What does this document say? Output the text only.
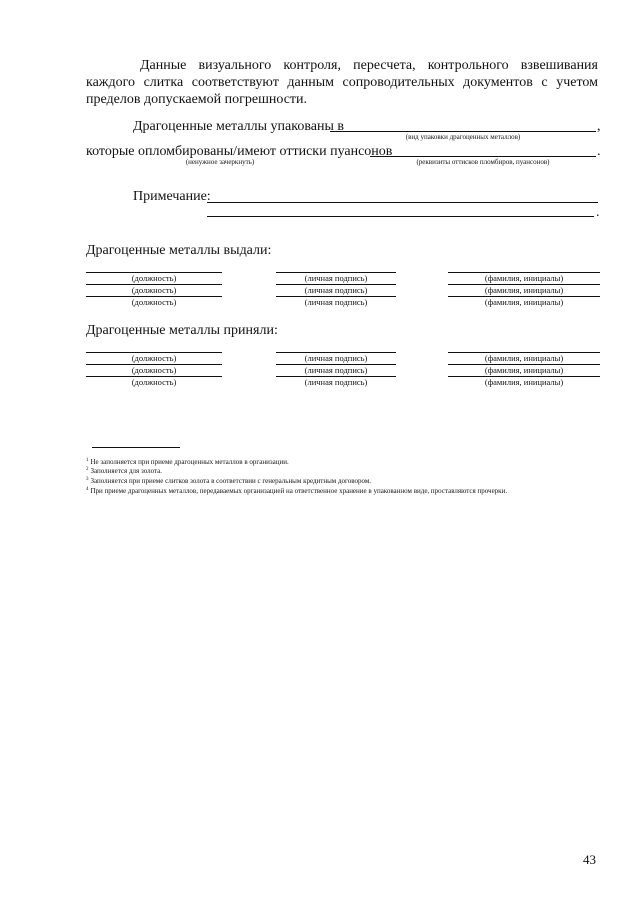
Данные визуального контроля, пересчета, контрольного взвешивания каждого слитка соответствуют данным сопроводительных документов с учетом пределов допускаемой погрешности.
Драгоценные металлы упакованы в	,
(вид упаковки драгоценных металлов)
которые опломбированы/имеют оттиски пуансонов	.
(ненужное зачеркнуть)	(реквизиты оттисков пломбиров, пуансонов)
Примечание:
.
Драгоценные металлы выдали:
(должность)	(личная подпись)	(фамилия, инициалы)
(должность)	(личная подпись)	(фамилия, инициалы)
(должность)	(личная подпись)	(фамилия, инициалы)
Драгоценные металлы приняли:
(должность)	(личная подпись)	(фамилия, инициалы)
(должность)	(личная подпись)	(фамилия, инициалы)
(должность)	(личная подпись)	(фамилия, инициалы)
$^1$ Не заполняется при приеме драгоценных металлов в организации.
$^2$ Заполняется для золота.
$^3$ Заполняется при приеме слитков золота в соответствии с генеральным кредитным договором.
$^4$ При приеме драгоценных металлов, передаваемых организацией на ответственное хранение в упакованном виде, проставляются прочерки.
43
